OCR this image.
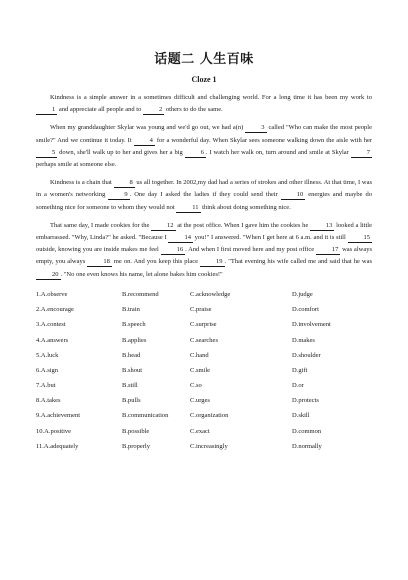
话题二 人生百味
Cloze 1

Kindness is a simple answer in a sometimes difficult and challenging world. For a long time it has been my work to 1 and appreciate all people and to 2 others to do the same.

When my granddaughter Skylar was young and we'd go out, we had a(n) 3 called "Who can make the most people smile?" And we continue it today. It 4 for a wonderful day. When Skylar sees someone walking down the aisle with her 5 down, she'll walk up to her and gives her a big 6 . I watch her walk on, turn around and smile at Skylar 7 perhaps smile at someone else.

Kindness is a chain that 8 us all together. In 2002,my dad had a series of strokes and other illness. At that time, I was in a women's networking 9 . One day I asked the ladies if they could send their 10 energies and maybe do something nice for someone to whom they would not 11 think about doing something nice.

That same day, I made cookies for the 12 at the post office. When I gave him the cookies he 13 looked a little embarrassed. "Why, Linda?" he asked. "Because I 14 you!" I answered. "When I get here at 6 a.m. and it is still 15 outside, knowing you are inside makes me feel 16 . And when I first moved here and my post office 17 was always empty, you always 18 me on. And you keep this place 19 . "That evening his wife called me and said that he was 20 . "No one even knows his name, let alone bakes him cookies!"

1.A.observe	B.recommend	C.acknowledge	D.judge
2.A.encourage	B.train	C.praise	D.comfort
3.A.contest	B.speech	C.surprise	D.involvement
4.A.answers	B.applies	C.searches	D.makes
5.A.luck	B.head	C.hand	D.shoulder
6.A.sign	B.shout	C.smile	D.gift
7.A.but	B.still	C.so	D.or
8.A.takes	B.pulls	C.urges	D.protects
9.A.achievement	B.communication	C.organization	D.skill
10.A.positive	B.possible	C.exact	D.common
11.A.adequately	B.properly	C.increasingly	D.normally
